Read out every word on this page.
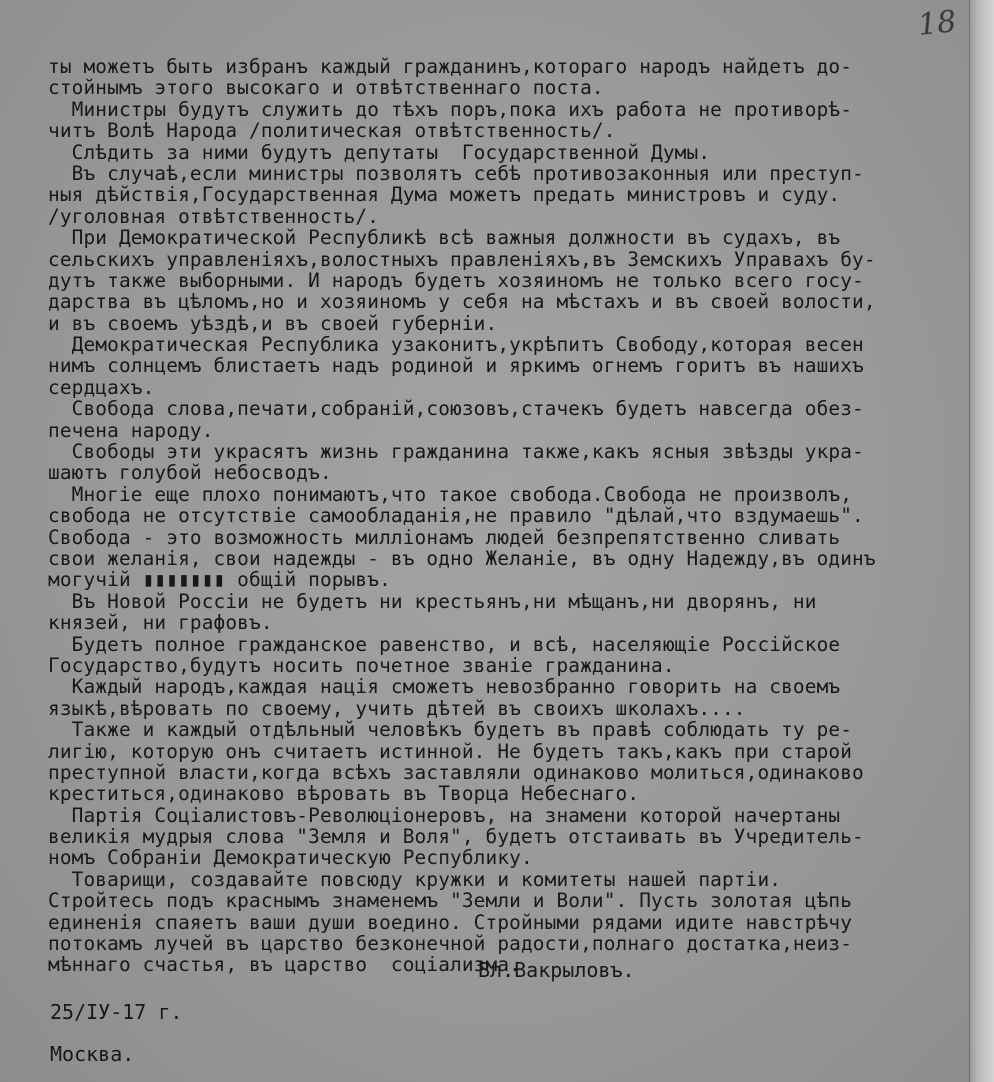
18
ты можетъ быть избранъ каждый гражданинъ,котораго народъ найдетъ до-
стойнымъ этого высокаго и отвѣтственнаго поста.
Министры будутъ служить до тѣхъ поръ,пока ихъ работа не противорѣ-
читъ Волѣ Народа /политическая отвѣтственность/.
Слѣдить за ними будутъ депутаты  Государственной Думы.
Въ случаѣ,если министры позволятъ себѣ противозаконныя или преступ-
ныя дѣйствiя,Государственная Дума можетъ предать министровъ и суду.
/уголовная отвѣтственность/.
При Демократической Республикѣ всѣ важныя должности въ судахъ, въ
сельскихъ управленiяхъ,волостныхъ правленiяхъ,въ Земскихъ Управахъ бу-
дутъ также выборными. И народъ будетъ хозяиномъ не только всего госу-
дарства въ цѣломъ,но и хозяиномъ у себя на мѣстахъ и въ своей волости,
и въ своемъ уѣздѣ,и въ своей губернiи.
Демократическая Республика узаконитъ,укрѣпитъ Свободу,которая весен
нимъ солнцемъ блистаетъ надъ родиной и яркимъ огнемъ горитъ въ нашихъ
сердцахъ.
Свобода слова,печати,собранiй,союзовъ,стачекъ будетъ навсегда обез-
печена народу.
Свободы эти украсятъ жизнь гражданина также,какъ ясныя звѣзды укра-
шаютъ голубой небосводъ.
Многiе еще плохо понимаютъ,что такое свобода.Свобода не произволъ,
свобода не отсутствiе самообладанiя,не правило "дѣлай,что вздумаешь".
Свобода - это возможность миллiонамъ людей безпрепятственно сливать
свои желанiя, свои надежды - въ одно Желанiе, въ одну Надежду,въ одинъ
могучiй ▮▮▮▮▮▮▮ общiй порывъ.
Въ Новой Россiи не будетъ ни крестьянъ,ни мѣщанъ,ни дворянъ, ни
князей, ни графовъ.
Будетъ полное гражданское равенство, и всѣ, населяющiе Россiйское
Государство,будутъ носить почетное званiе гражданина.
Каждый народъ,каждая нацiя сможетъ невозбранно говорить на своемъ
языкѣ,вѣровать по своему, учить дѣтей въ своихъ школахъ....
Также и каждый отдѣльный человѣкъ будетъ въ правѣ соблюдать ту ре-
лигiю, которую онъ считаетъ истинной. Не будетъ такъ,какъ при старой
преступной власти,когда всѣхъ заставляли одинаково молиться,одинаково
креститься,одинаково вѣровать въ Творца Небеснаго.
Партiя Соцiалистовъ-Революцiонеровъ, на знамени которой начертаны
великiя мудрыя слова "Земля и Воля", будетъ отстаивать въ Учредитель-
номъ Собранiи Демократическую Республику.
Товарищи, создавайте повсюду кружки и комитеты нашей партiи.
Стройтесь подъ краснымъ знаменемъ "Земли и Воли". Пусть золотая цѣпь
единенiя спаяетъ ваши души воедино. Стройными рядами идите навстрѣчу
потокамъ лучей въ царство безконечной радости,полнаго достатка,неиз-
мѣннаго счастья, въ царство  соцiализма.
Вл.Вакрыловъ.
25/IУ-17 г.
Москва.
